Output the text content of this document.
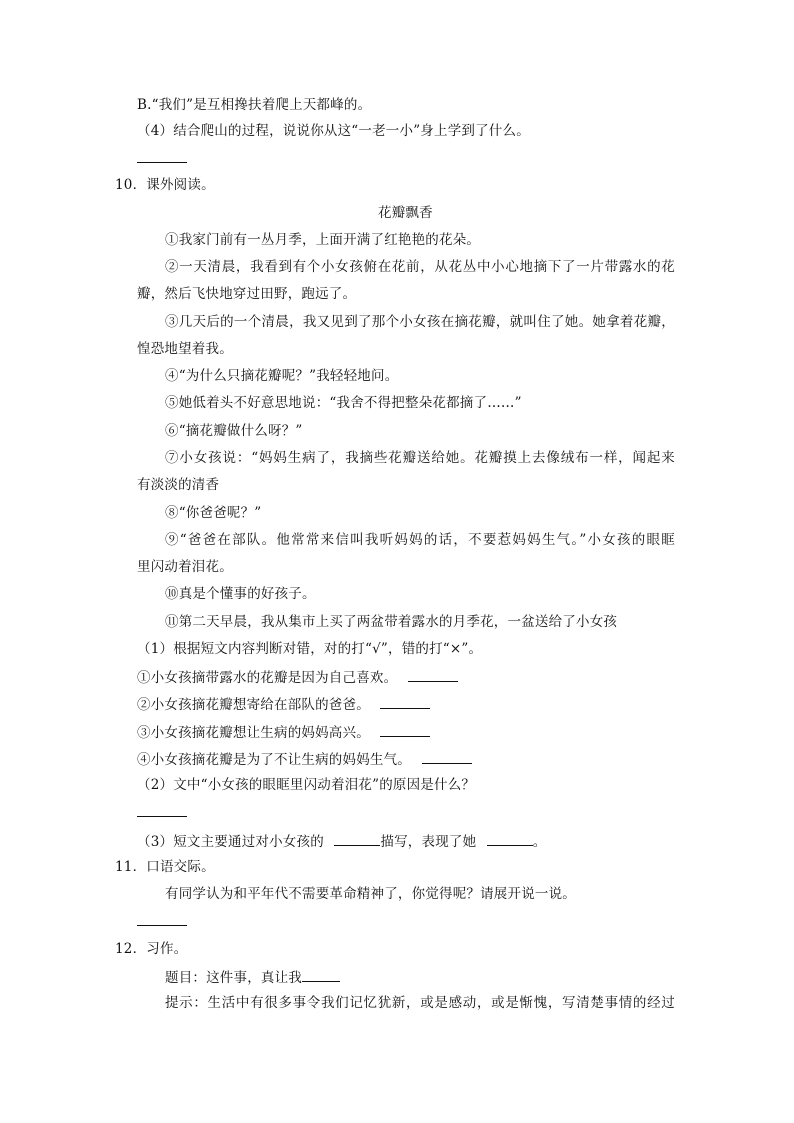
B.“我们”是互相搀扶着爬上天都峰的。
（4）结合爬山的过程，说说你从这“一老一小”身上学到了什么。
10．课外阅读。
花瓣飘香
①我家门前有一丛月季，上面开满了红艳艳的花朵。
②一天清晨，我看到有个小女孩俯在花前，从花丛中小心地摘下了一片带露水的花
瓣，然后飞快地穿过田野，跑远了。
③几天后的一个清晨，我又见到了那个小女孩在摘花瓣，就叫住了她。她拿着花瓣，
惶恐地望着我。
④“为什么只摘花瓣呢？”我轻轻地问。
⑤她低着头不好意思地说：“我舍不得把整朵花都摘了……”
⑥“摘花瓣做什么呀？”
⑦小女孩说：“妈妈生病了，我摘些花瓣送给她。花瓣摸上去像绒布一样，闻起来
有淡淡的清香
⑧“你爸爸呢？”
⑨“爸爸在部队。他常常来信叫我听妈妈的话，不要惹妈妈生气。”小女孩的眼眶
里闪动着泪花。
⑩真是个懂事的好孩子。
⑪第二天早晨，我从集市上买了两盆带着露水的月季花，一盆送给了小女孩
（1）根据短文内容判断对错，对的打“√”，错的打“×”。
①小女孩摘带露水的花瓣是因为自己喜欢。
②小女孩摘花瓣想寄给在部队的爸爸。
③小女孩摘花瓣想让生病的妈妈高兴。
④小女孩摘花瓣是为了不让生病的妈妈生气。
（2）文中“小女孩的眼眶里闪动着泪花”的原因是什么？
（3）短文主要通过对小女孩的	描写，表现了她	。
11．口语交际。
有同学认为和平年代不需要革命精神了，你觉得呢？请展开说一说。
12．习作。
题目：这件事，真让我
提示：生活中有很多事令我们记忆犹新，或是感动，或是惭愧，写清楚事情的经过
